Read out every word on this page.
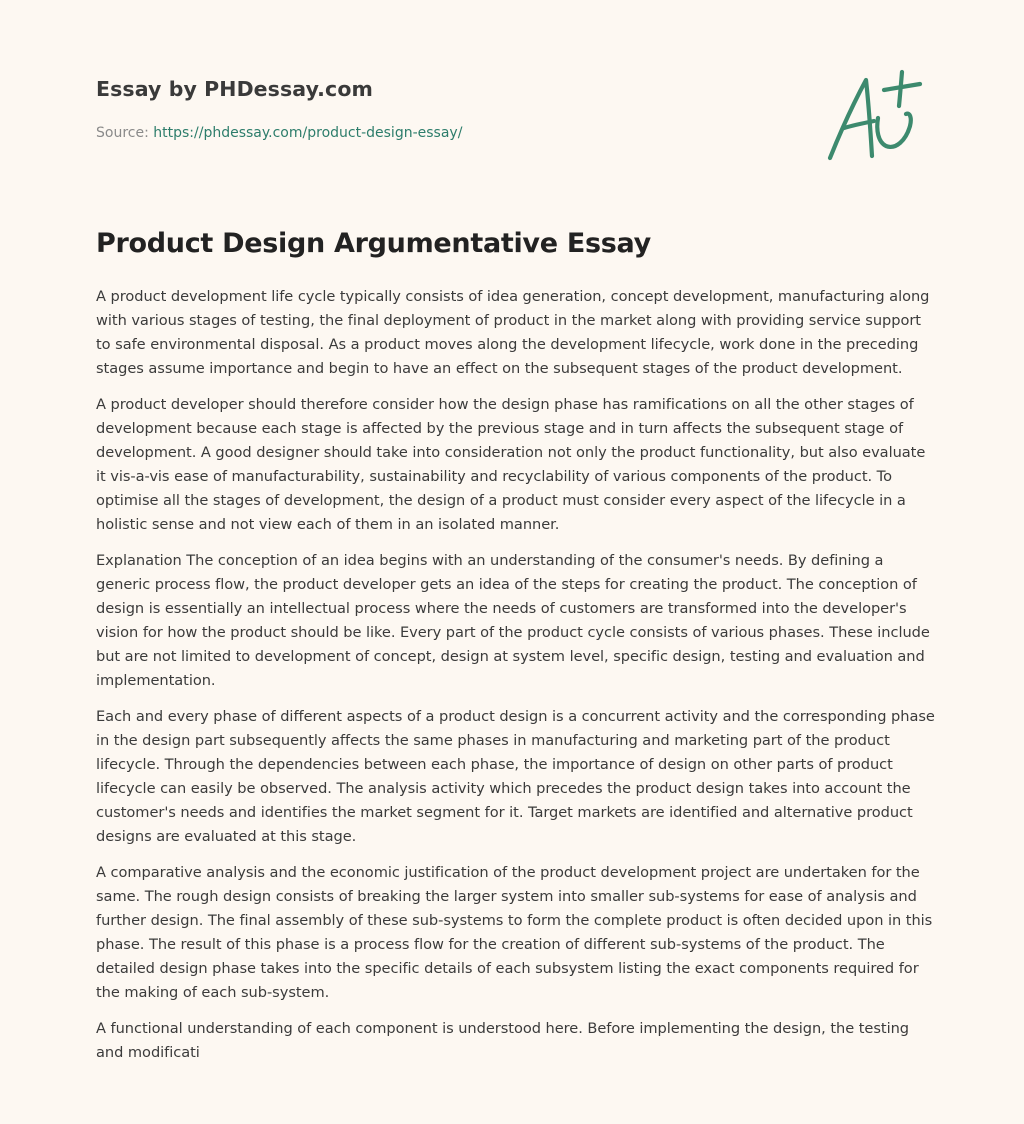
Essay by PHDessay.com
Source: https://phdessay.com/product-design-essay/
Product Design Argumentative Essay

A product development life cycle typically consists of idea generation, concept development, manufacturing along with various stages of testing, the final deployment of product in the market along with providing service support to safe environmental disposal. As a product moves along the development lifecycle, work done in the preceding stages assume importance and begin to have an effect on the subsequent stages of the product development.

A product developer should therefore consider how the design phase has ramifications on all the other stages of development because each stage is affected by the previous stage and in turn affects the subsequent stage of development. A good designer should take into consideration not only the product functionality, but also evaluate it vis-a-vis ease of manufacturability, sustainability and recyclability of various components of the product. To optimise all the stages of development, the design of a product must consider every aspect of the lifecycle in a holistic sense and not view each of them in an isolated manner.

Explanation The conception of an idea begins with an understanding of the consumer's needs. By defining a generic process flow, the product developer gets an idea of the steps for creating the product. The conception of design is essentially an intellectual process where the needs of customers are transformed into the developer's vision for how the product should be like. Every part of the product cycle consists of various phases. These include but are not limited to development of concept, design at system level, specific design, testing and evaluation and implementation.

Each and every phase of different aspects of a product design is a concurrent activity and the corresponding phase in the design part subsequently affects the same phases in manufacturing and marketing part of the product lifecycle. Through the dependencies between each phase, the importance of design on other parts of product lifecycle can easily be observed. The analysis activity which precedes the product design takes into account the customer's needs and identifies the market segment for it. Target markets are identified and alternative product designs are evaluated at this stage.

A comparative analysis and the economic justification of the product development project are undertaken for the same. The rough design consists of breaking the larger system into smaller sub-systems for ease of analysis and further design. The final assembly of these sub-systems to form the complete product is often decided upon in this phase. The result of this phase is a process flow for the creation of different sub-systems of the product. The detailed design phase takes into the specific details of each subsystem listing the exact components required for the making of each sub-system.

A functional understanding of each component is understood here. Before implementing the design, the testing and modificati
